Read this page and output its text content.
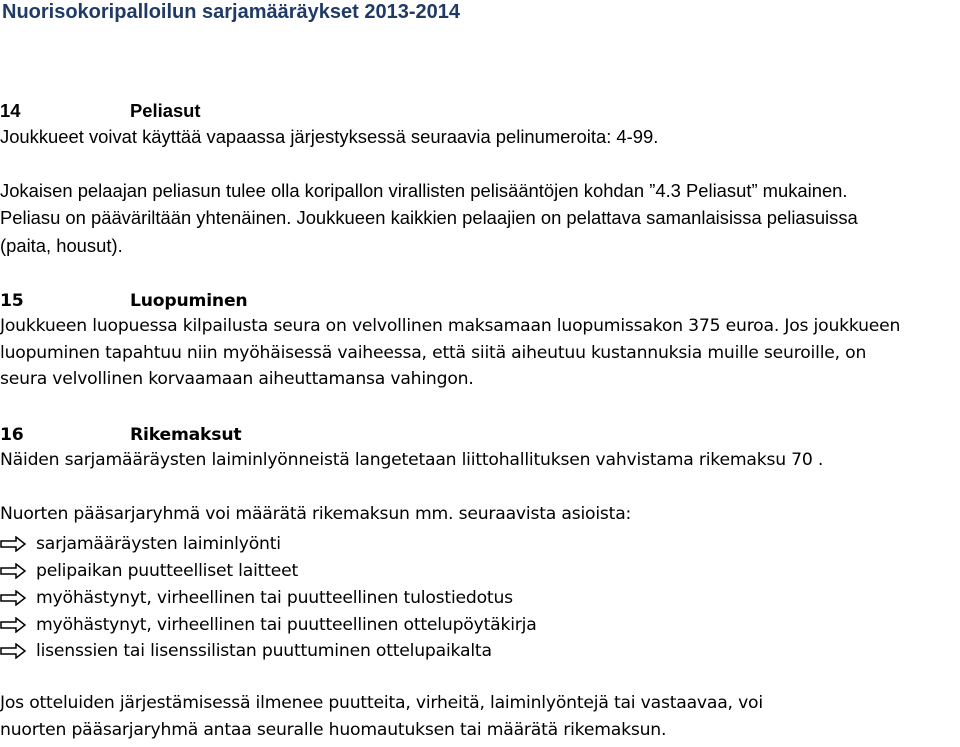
Nuorisokoripalloilun sarjamääräykset 2013-2014
14	Peliasut
Joukkueet voivat käyttää vapaassa järjestyksessä seuraavia pelinumeroita: 4-99.
Jokaisen pelaajan peliasun tulee olla koripallon virallisten pelisääntöjen kohdan ”4.3 Peliasut” mukainen.
Peliasu on pääväriltään yhtenäinen. Joukkueen kaikkien pelaajien on pelattava samanlaisissa peliasuissa
(paita, housut).
15	Luopuminen
Joukkueen luopuessa kilpailusta seura on velvollinen maksamaan luopumissakon 375 euroa. Jos joukkueen
luopuminen tapahtuu niin myöhäisessä vaiheessa, että siitä aiheutuu kustannuksia muille seuroille, on
seura velvollinen korvaamaan aiheuttamansa vahingon.
16	Rikemaksut
Näiden sarjamääräysten laiminlyönneistä langetetaan liittohallituksen vahvistama rikemaksu 70 .
Nuorten pääsarjaryhmä voi määrätä rikemaksun mm. seuraavista asioista:
sarjamääräysten laiminlyönti
pelipaikan puutteelliset laitteet
myöhästynyt, virheellinen tai puutteellinen tulostiedotus
myöhästynyt, virheellinen tai puutteellinen ottelupöytäkirja
lisenssien tai lisenssilistan puuttuminen ottelupaikalta
Jos otteluiden järjestämisessä ilmenee puutteita, virheitä, laiminlyöntejä tai vastaavaa, voi
nuorten pääsarjaryhmä antaa seuralle huomautuksen tai määrätä rikemaksun.
